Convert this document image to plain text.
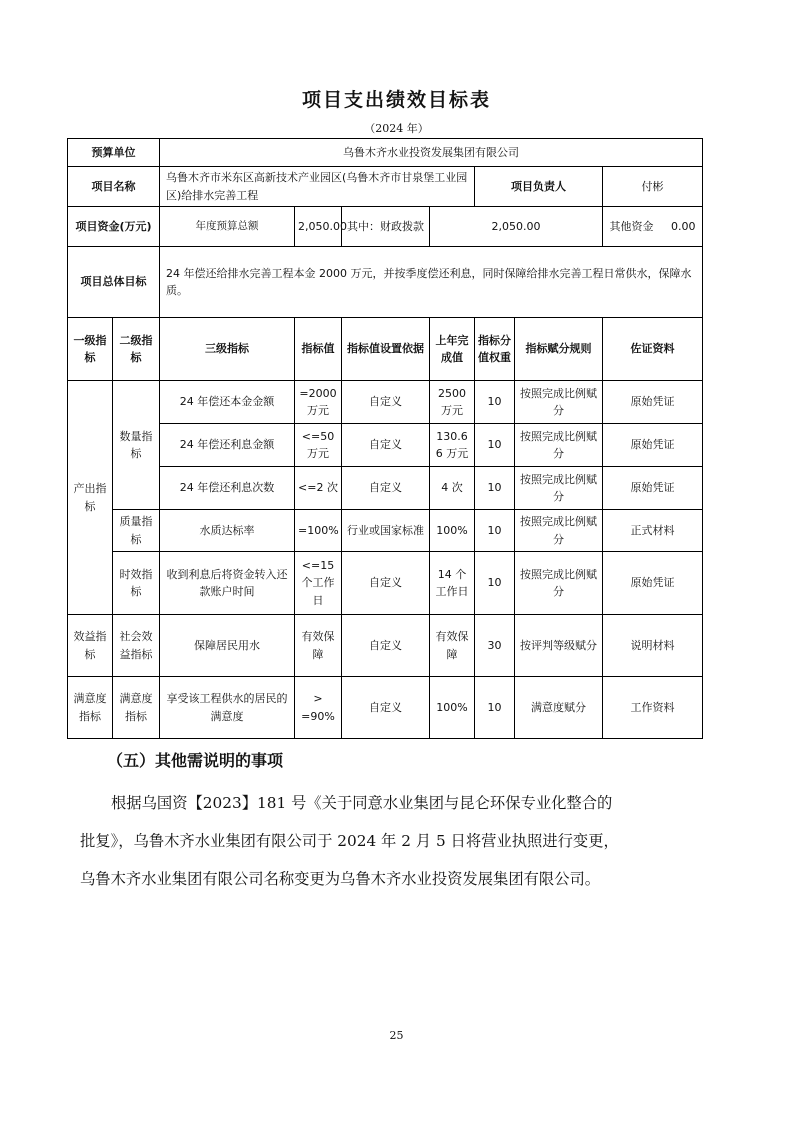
项目支出绩效目标表
（2024 年）
预算单位		乌鲁木齐水业投资发展集团有限公司						
项目名称		乌鲁木齐市米东区高新技术产业园区(乌鲁木齐市甘泉堡工业园区)给排水完善工程				项目负责人		付彬
项目资金(万元)		年度预算总额	2,050.00	其中：财政拨款	2,050.00			其他资金 0.00
项目总体目标		24 年偿还给排水完善工程本金 2000 万元，并按季度偿还利息，同时保障给排水完善工程日常供水，保障水质。						
一级指标	二级指标	三级指标	指标值	指标值设置依据	上年完成值	指标分值权重	指标赋分规则	佐证资料
产出指标	数量指标	24 年偿还本金金额	=2000 万元	自定义	2500 万元	10	按照完成比例赋分	原始凭证
		24 年偿还利息金额	<=50 万元	自定义	130.6 6 万元	10	按照完成比例赋分	原始凭证
		24 年偿还利息次数	<=2 次	自定义	4 次	10	按照完成比例赋分	原始凭证
	质量指标	水质达标率	=100%	行业或国家标准	100%	10	按照完成比例赋分	正式材料
	时效指标	收到利息后将资金转入还款账户时间	<=15 个工作日	自定义	14 个工作日	10	按照完成比例赋分	原始凭证
效益指标	社会效益指标	保障居民用水	有效保障	自定义	有效保障	30	按评判等级赋分	说明材料
满意度指标	满意度指标	享受该工程供水的居民的满意度	> =90%	自定义	100%	10	满意度赋分	工作资料
（五）其他需说明的事项

根据乌国资【2023】181 号《关于同意水业集团与昆仑环保专业化整合的

批复》，乌鲁木齐水业集团有限公司于 2024 年 2 月 5 日将营业执照进行变更，

乌鲁木齐水业集团有限公司名称变更为乌鲁木齐水业投资发展集团有限公司。

25
